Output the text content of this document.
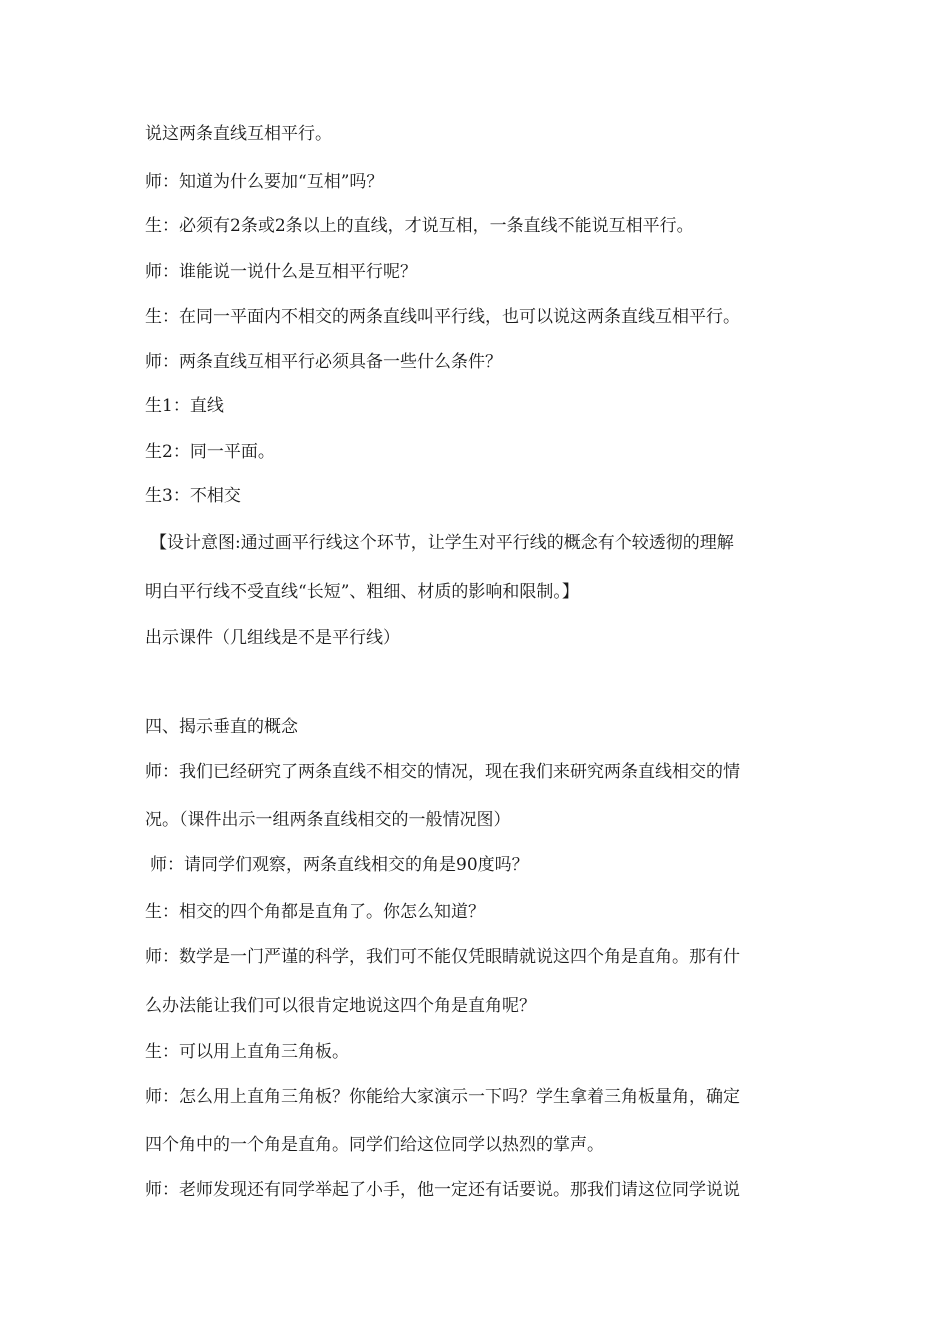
说这两条直线互相平行。
师：知道为什么要加“互相”吗？
生：必须有2条或2条以上的直线，才说互相，一条直线不能说互相平行。
师：谁能说一说什么是互相平行呢？
生：在同一平面内不相交的两条直线叫平行线，也可以说这两条直线互相平行。
师：两条直线互相平行必须具备一些什么条件？
生1：直线
生2：同一平面。
生3：不相交
【设计意图:通过画平行线这个环节，让学生对平行线的概念有个较透彻的理解
明白平行线不受直线“长短”、粗细、材质的影响和限制。】
出示课件（几组线是不是平行线）
四、揭示垂直的概念
师：我们已经研究了两条直线不相交的情况，现在我们来研究两条直线相交的情
况。（课件出示一组两条直线相交的一般情况图）
师：请同学们观察，两条直线相交的角是90度吗？
生：相交的四个角都是直角了。你怎么知道？
师：数学是一门严谨的科学，我们可不能仅凭眼睛就说这四个角是直角。那有什
么办法能让我们可以很肯定地说这四个角是直角呢？
生：可以用上直角三角板。
师：怎么用上直角三角板？你能给大家演示一下吗？学生拿着三角板量角，确定
四个角中的一个角是直角。同学们给这位同学以热烈的掌声。
师：老师发现还有同学举起了小手，他一定还有话要说。那我们请这位同学说说
